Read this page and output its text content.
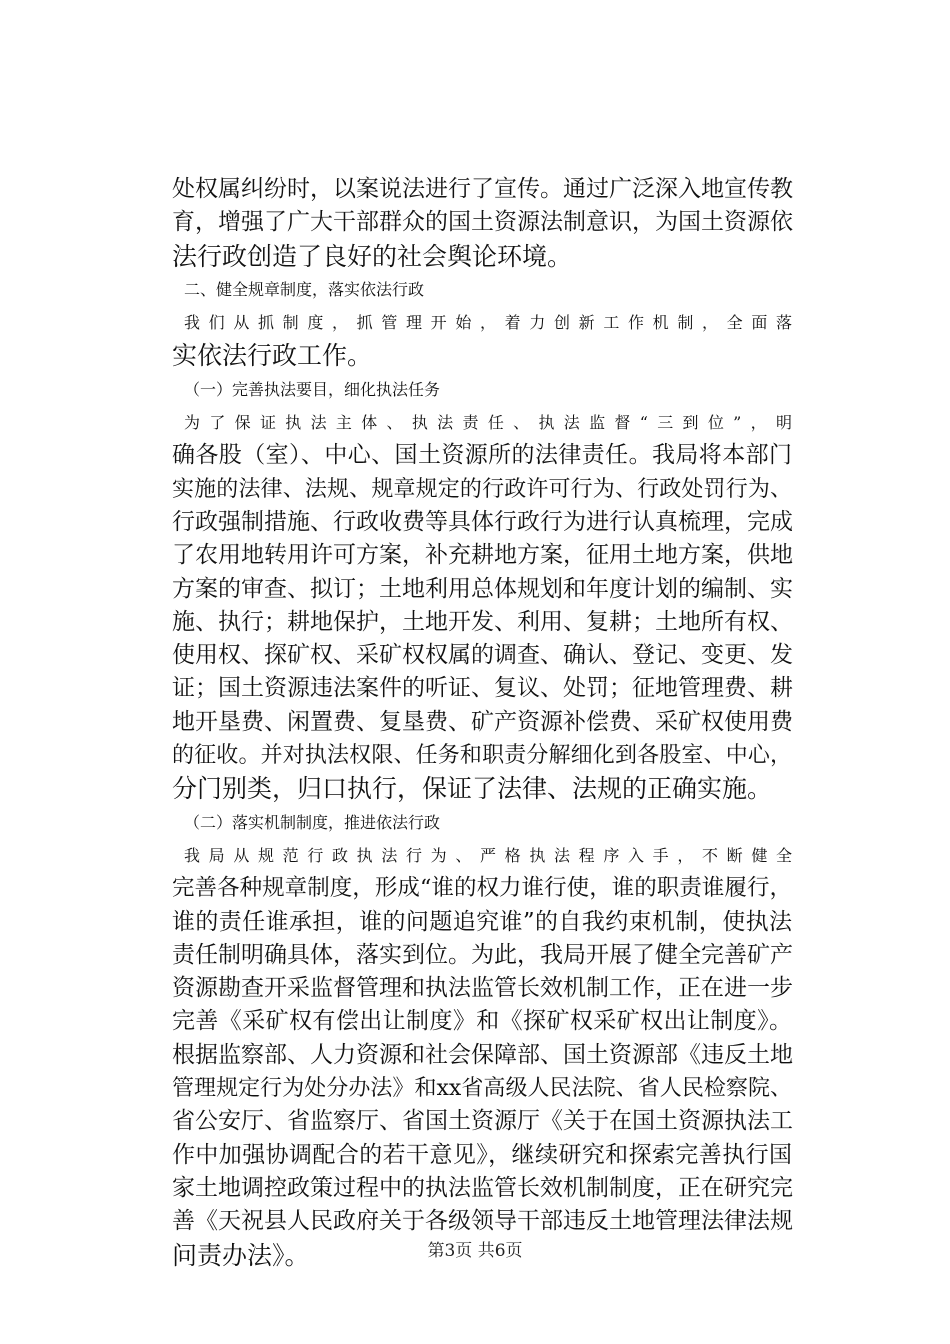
处权属纠纷时，以案说法进行了宣传。通过广泛深入地宣传教
育，增强了广大干部群众的国土资源法制意识，为国土资源依
法行政创造了良好的社会舆论环境。
二、健全规章制度，落实依法行政
我们从抓制度，抓管理开始，着力创新工作机制，全面落
实依法行政工作。
（一）完善执法要目，细化执法任务
为了保证执法主体、执法责任、执法监督“三到位”，明
确各股（室）、中心、国土资源所的法律责任。我局将本部门
实施的法律、法规、规章规定的行政许可行为、行政处罚行为、
行政强制措施、行政收费等具体行政行为进行认真梳理，完成
了农用地转用许可方案，补充耕地方案，征用土地方案，供地
方案的审查、拟订；土地利用总体规划和年度计划的编制、实
施、执行；耕地保护，土地开发、利用、复耕；土地所有权、
使用权、探矿权、采矿权权属的调查、确认、登记、变更、发
证；国土资源违法案件的听证、复议、处罚；征地管理费、耕
地开垦费、闲置费、复垦费、矿产资源补偿费、采矿权使用费
的征收。并对执法权限、任务和职责分解细化到各股室、中心，
分门别类，归口执行，保证了法律、法规的正确实施。
（二）落实机制制度，推进依法行政
我局从规范行政执法行为、严格执法程序入手，不断健全
完善各种规章制度，形成“谁的权力谁行使，谁的职责谁履行，
谁的责任谁承担，谁的问题追究谁”的自我约束机制，使执法
责任制明确具体，落实到位。为此，我局开展了健全完善矿产
资源勘查开采监督管理和执法监管长效机制工作，正在进一步
完善《采矿权有偿出让制度》和《探矿权采矿权出让制度》。
根据监察部、人力资源和社会保障部、国土资源部《违反土地
管理规定行为处分办法》和xx省高级人民法院、省人民检察院、
省公安厅、省监察厅、省国土资源厅《关于在国土资源执法工
作中加强协调配合的若干意见》，继续研究和探索完善执行国
家土地调控政策过程中的执法监管长效机制制度，正在研究完
善《天祝县人民政府关于各级领导干部违反土地管理法律法规
问责办法》。	第3页 共6页
